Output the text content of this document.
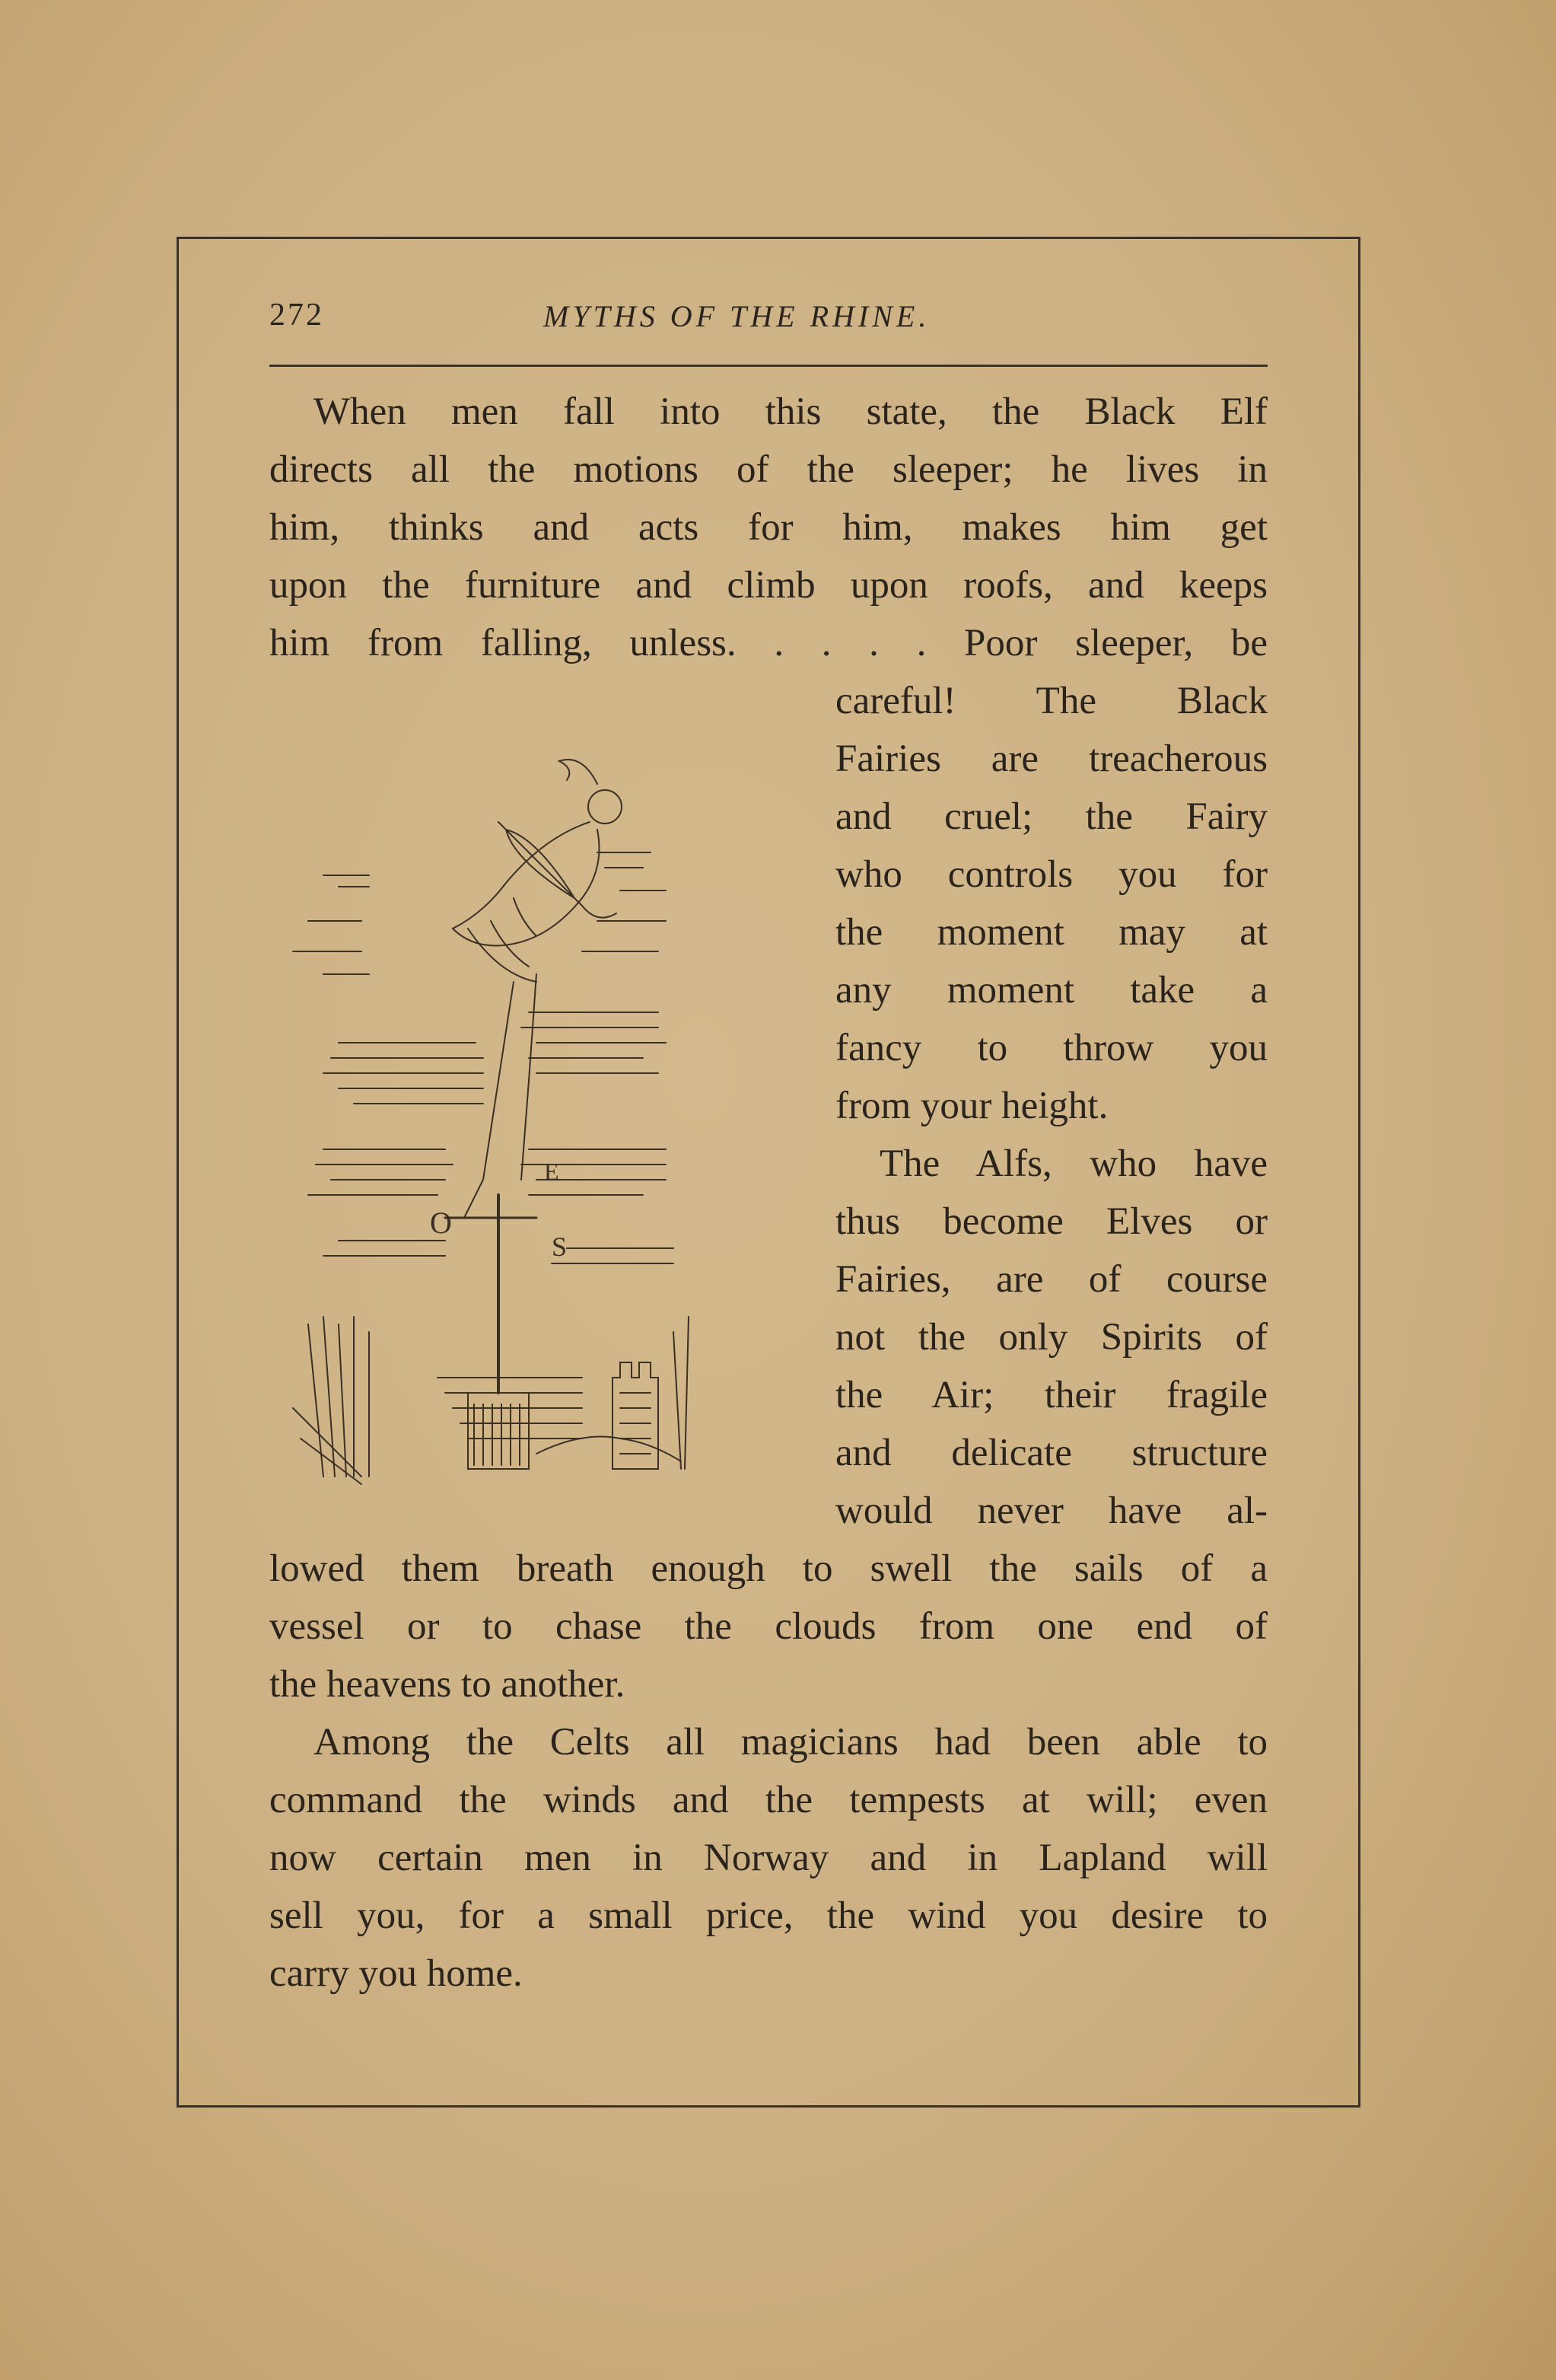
272	MYTHS OF THE RHINE.
When men fall into this state, the Black Elf
directs all the motions of the sleeper; he lives in
him, thinks and acts for him, makes him get
upon the furniture and climb upon roofs, and keeps
him from falling, unless. . . . . Poor sleeper, be
careful! The Black
Fairies are treacherous
and cruel; the Fairy
who controls you for
the moment may at
any moment take a
fancy to throw you
from your height.
The Alfs, who have
thus become Elves or
Fairies, are of course
not the only Spirits of
the Air; their fragile
and delicate structure
would never have al-
lowed them breath enough to swell the sails of a
vessel or to chase the clouds from one end of
the heavens to another.
Among the Celts all magicians had been able to
command the winds and the tempests at will; even
now certain men in Norway and in Lapland will
sell you, for a small price, the wind you desire to
carry you home.
O
E
S
